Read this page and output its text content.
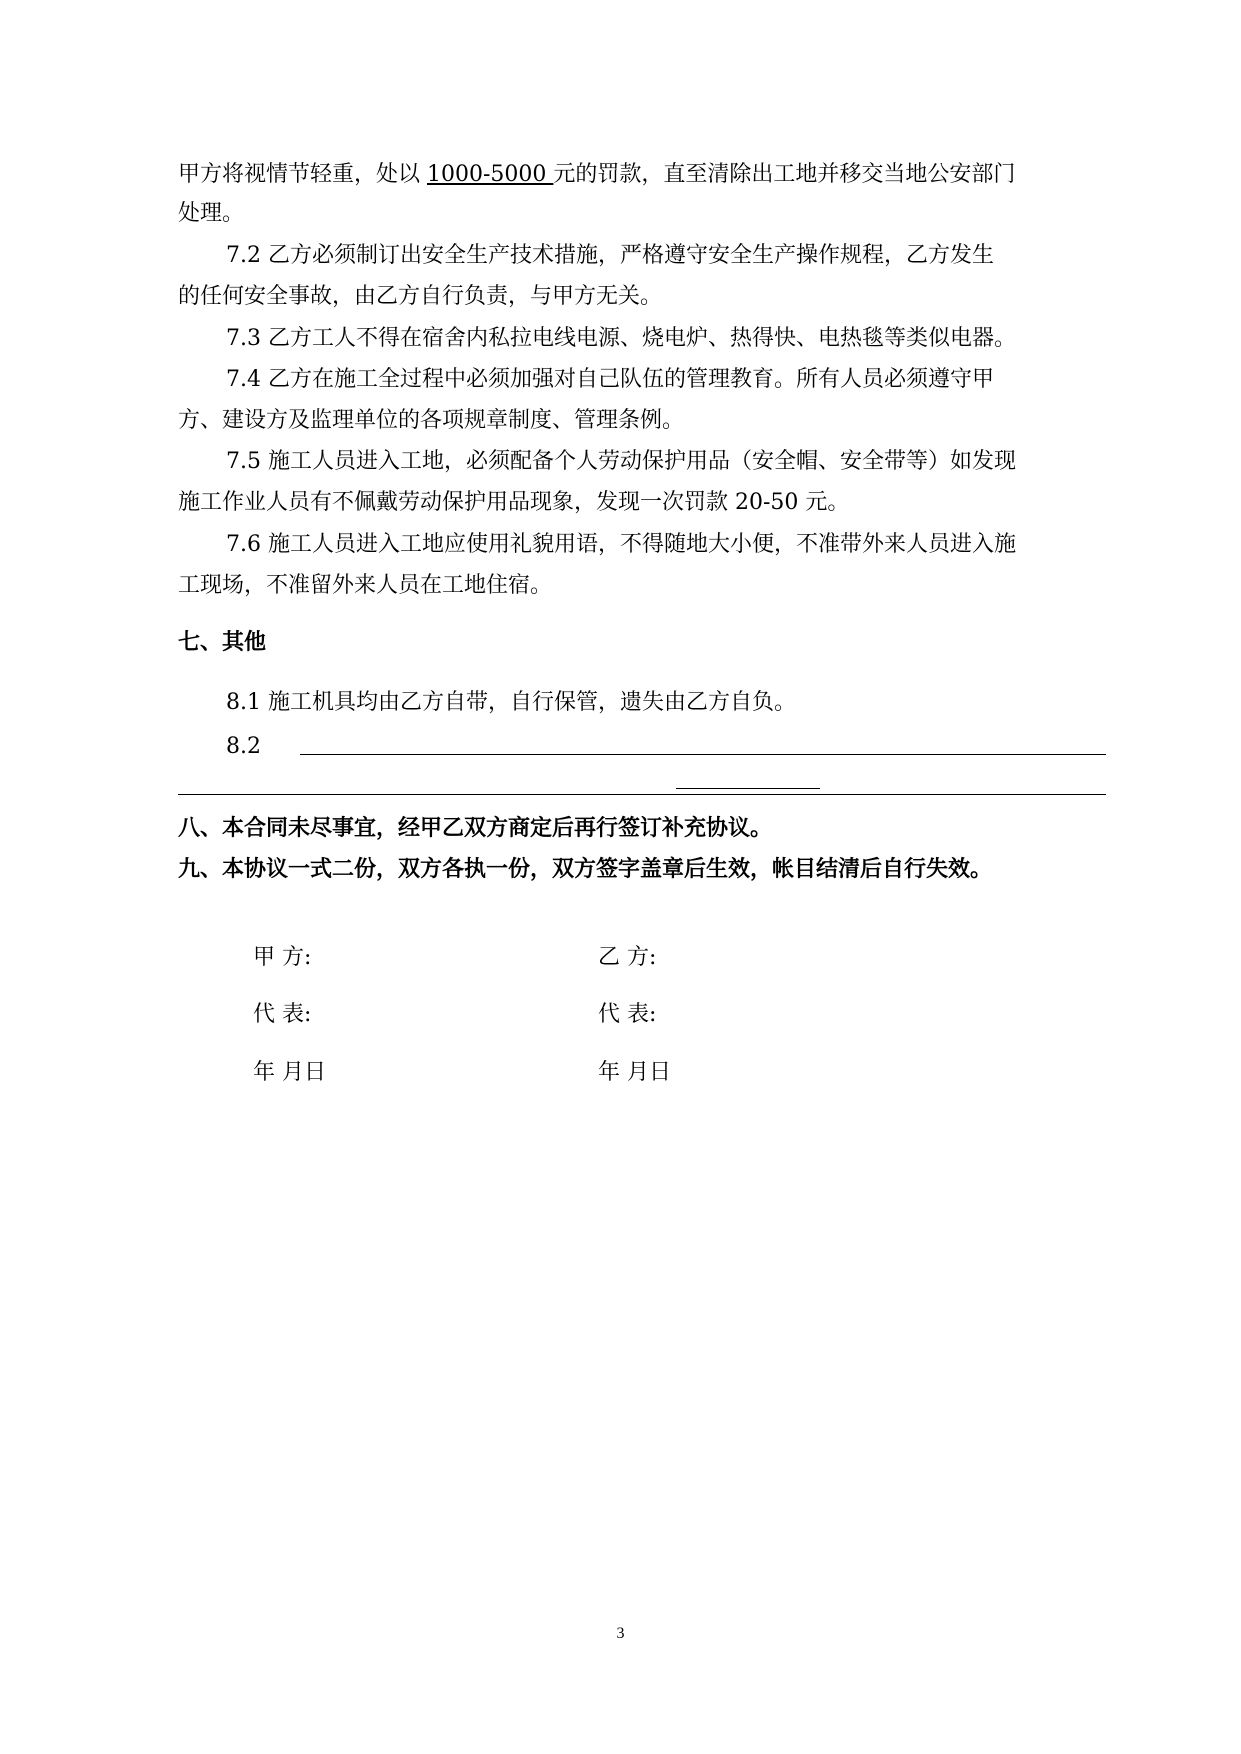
甲方将视情节轻重，处以 1000-5000 元的罚款，直至清除出工地并移交当地公安部门
处理。
7.2 乙方必须制订出安全生产技术措施，严格遵守安全生产操作规程，乙方发生
的任何安全事故，由乙方自行负责，与甲方无关。
7.3 乙方工人不得在宿舍内私拉电线电源、烧电炉、热得快、电热毯等类似电器。
7.4 乙方在施工全过程中必须加强对自己队伍的管理教育。所有人员必须遵守甲
方、建设方及监理单位的各项规章制度、管理条例。
7.5 施工人员进入工地，必须配备个人劳动保护用品（安全帽、安全带等）如发现
施工作业人员有不佩戴劳动保护用品现象，发现一次罚款 20-50 元。
7.6 施工人员进入工地应使用礼貌用语，不得随地大小便，不准带外来人员进入施
工现场，不准留外来人员在工地住宿。
七、其他
8.1 施工机具均由乙方自带，自行保管，遗失由乙方自负。
8.2
八、本合同未尽事宜，经甲乙双方商定后再行签订补充协议。
九、本协议一式二份，双方各执一份，双方签字盖章后生效，帐目结清后自行失效。
甲 方:	乙 方:
代 表:	代 表:
年 月日	年 月日
3
